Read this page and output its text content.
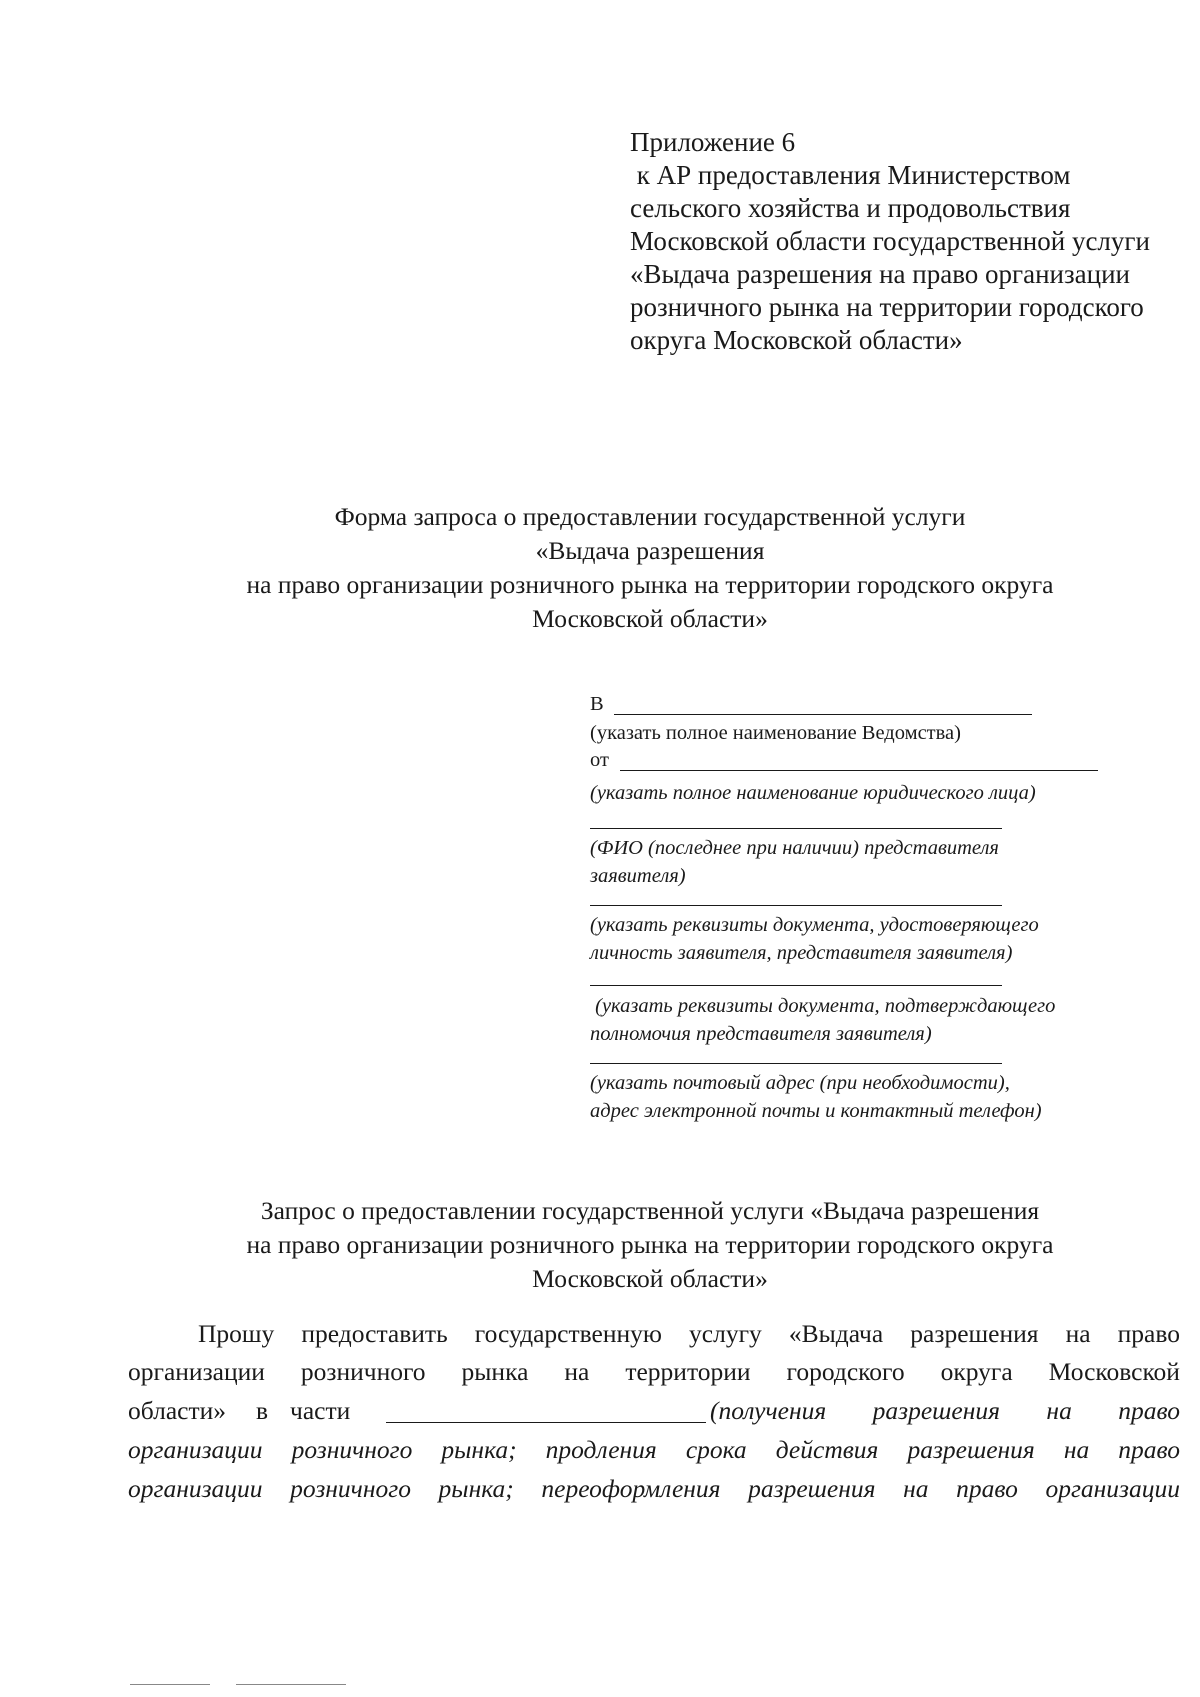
Приложение 6
к АР предоставления Министерством
сельского хозяйства и продовольствия
Московской области государственной услуги
«Выдача разрешения на право организации
розничного рынка на территории городского
округа Московской области»
Форма запроса о предоставлении государственной услуги
«Выдача разрешения
на право организации розничного рынка на территории городского округа
Московской области»
В
(указать полное наименование Ведомства)
от
(указать полное наименование юридического лица)
(ФИО (последнее при наличии) представителя
заявителя)
(указать реквизиты документа, удостоверяющего
личность заявителя, представителя заявителя)
(указать реквизиты документа, подтверждающего
полномочия представителя заявителя)
(указать почтовый адрес (при необходимости),
адрес электронной почты и контактный телефон)
Запрос о предоставлении государственной услуги «Выдача разрешения
на право организации розничного рынка на территории городского округа
Московской области»
Прошу предоставить государственную услугу «Выдача разрешения на право
организации розничного рынка на территории городского округа Московской
области» в части	(получения разрешения на право
организации розничного рынка; продления срока действия разрешения на право
организации розничного рынка; переоформления разрешения на право организации
